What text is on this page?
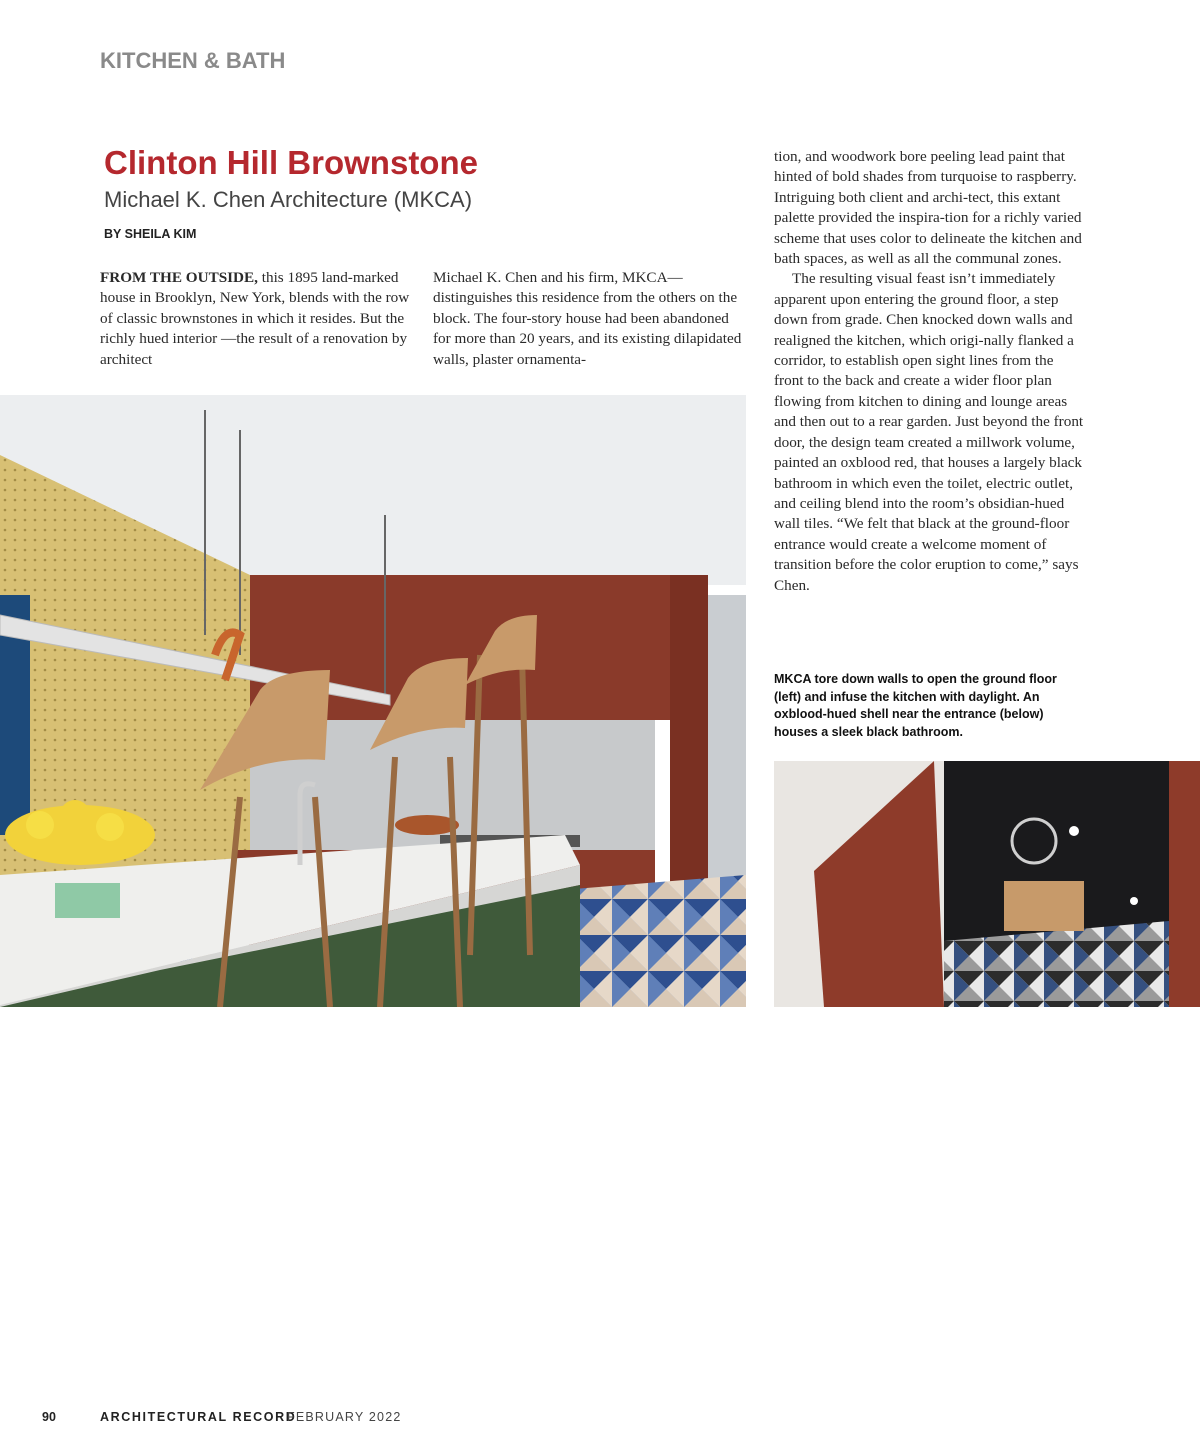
KITCHEN & BATH
Clinton Hill Brownstone
Michael K. Chen Architecture (MKCA)
BY SHEILA KIM
FROM THE OUTSIDE, this 1895 land-marked house in Brooklyn, New York, blends with the row of classic brownstones in which it resides. But the richly hued interior —the result of a renovation by architect
Michael K. Chen and his firm, MKCA— distinguishes this residence from the others on the block. The four-story house had been abandoned for more than 20 years, and its existing dilapidated walls, plaster ornamenta-
tion, and woodwork bore peeling lead paint that hinted of bold shades from turquoise to raspberry. Intriguing both client and archi-tect, this extant palette provided the inspira-tion for a richly varied scheme that uses color to delineate the kitchen and bath spaces, as well as all the communal zones.
The resulting visual feast isn’t immediately apparent upon entering the ground floor, a step down from grade. Chen knocked down walls and realigned the kitchen, which origi-nally flanked a corridor, to establish open sight lines from the front to the back and create a wider floor plan flowing from kitchen to dining and lounge areas and then out to a rear garden. Just beyond the front door, the design team created a millwork volume, painted an oxblood red, that houses a largely black bathroom in which even the toilet, electric outlet, and ceiling blend into the room’s obsidian-hued wall tiles. “We felt that black at the ground-floor entrance would create a welcome moment of transition before the color eruption to come,” says Chen.
MKCA tore down walls to open the ground floor (left) and infuse the kitchen with daylight. An oxblood-hued shell near the entrance (below) houses a sleek black bathroom.
90	ARCHITECTURAL RECORD
FEBRUARY 2022
